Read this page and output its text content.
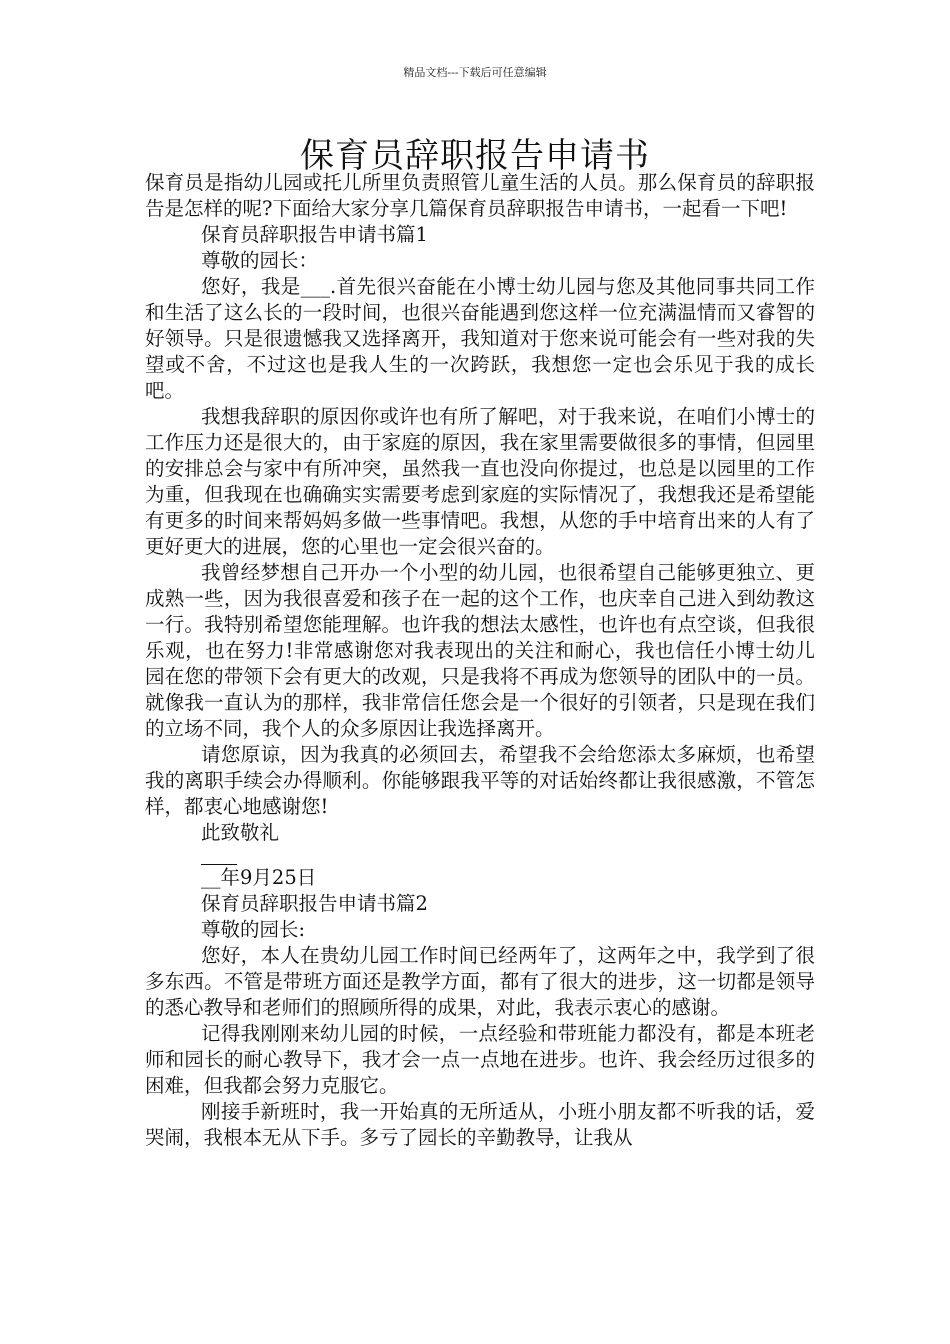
精品文档---下载后可任意编辑
保育员辞职报告申请书

保育员是指幼儿园或托儿所里负责照管儿童生活的人员。那么保育员的辞职报告是怎样的呢?下面给大家分享几篇保育员辞职报告申请书，一起看一下吧!

保育员辞职报告申请书篇1

尊敬的园长：

您好，我是___.首先很兴奋能在小博士幼儿园与您及其他同事共同工作和生活了这么长的一段时间，也很兴奋能遇到您这样一位充满温情而又睿智的好领导。只是很遗憾我又选择离开，我知道对于您来说可能会有一些对我的失望或不舍，不过这也是我人生的一次跨跃，我想您一定也会乐见于我的成长吧。

我想我辞职的原因你或许也有所了解吧，对于我来说，在咱们小博士的工作压力还是很大的，由于家庭的原因，我在家里需要做很多的事情，但园里的安排总会与家中有所冲突，虽然我一直也没向你提过，也总是以园里的工作为重，但我现在也确确实实需要考虑到家庭的实际情况了，我想我还是希望能有更多的时间来帮妈妈多做一些事情吧。我想，从您的手中培育出来的人有了更好更大的进展，您的心里也一定会很兴奋的。

我曾经梦想自己开办一个小型的幼儿园，也很希望自己能够更独立、更成熟一些，因为我很喜爱和孩子在一起的这个工作，也庆幸自己进入到幼教这一行。我特别希望您能理解。也许我的想法太感性，也许也有点空谈，但我很乐观，也在努力!非常感谢您对我表现出的关注和耐心，我也信任小博士幼儿园在您的带领下会有更大的改观，只是我将不再成为您领导的团队中的一员。就像我一直认为的那样，我非常信任您会是一个很好的引领者，只是现在我们的立场不同，我个人的众多原因让我选择离开。

请您原谅，因为我真的必须回去，希望我不会给您添太多麻烦，也希望我的离职手续会办得顺利。你能够跟我平等的对话始终都让我很感激，不管怎样，都衷心地感谢您!

此致敬礼

__年9月25日

保育员辞职报告申请书篇2

尊敬的园长:

您好，本人在贵幼儿园工作时间已经两年了，这两年之中，我学到了很多东西。不管是带班方面还是教学方面，都有了很大的进步，这一切都是领导的悉心教导和老师们的照顾所得的成果，对此，我表示衷心的感谢。

记得我刚刚来幼儿园的时候，一点经验和带班能力都没有，都是本班老师和园长的耐心教导下，我才会一点一点地在进步。也许、我会经历过很多的困难，但我都会努力克服它。

刚接手新班时，我一开始真的无所适从，小班小朋友都不听我的话，爱哭闹，我根本无从下手。多亏了园长的辛勤教导，让我从
